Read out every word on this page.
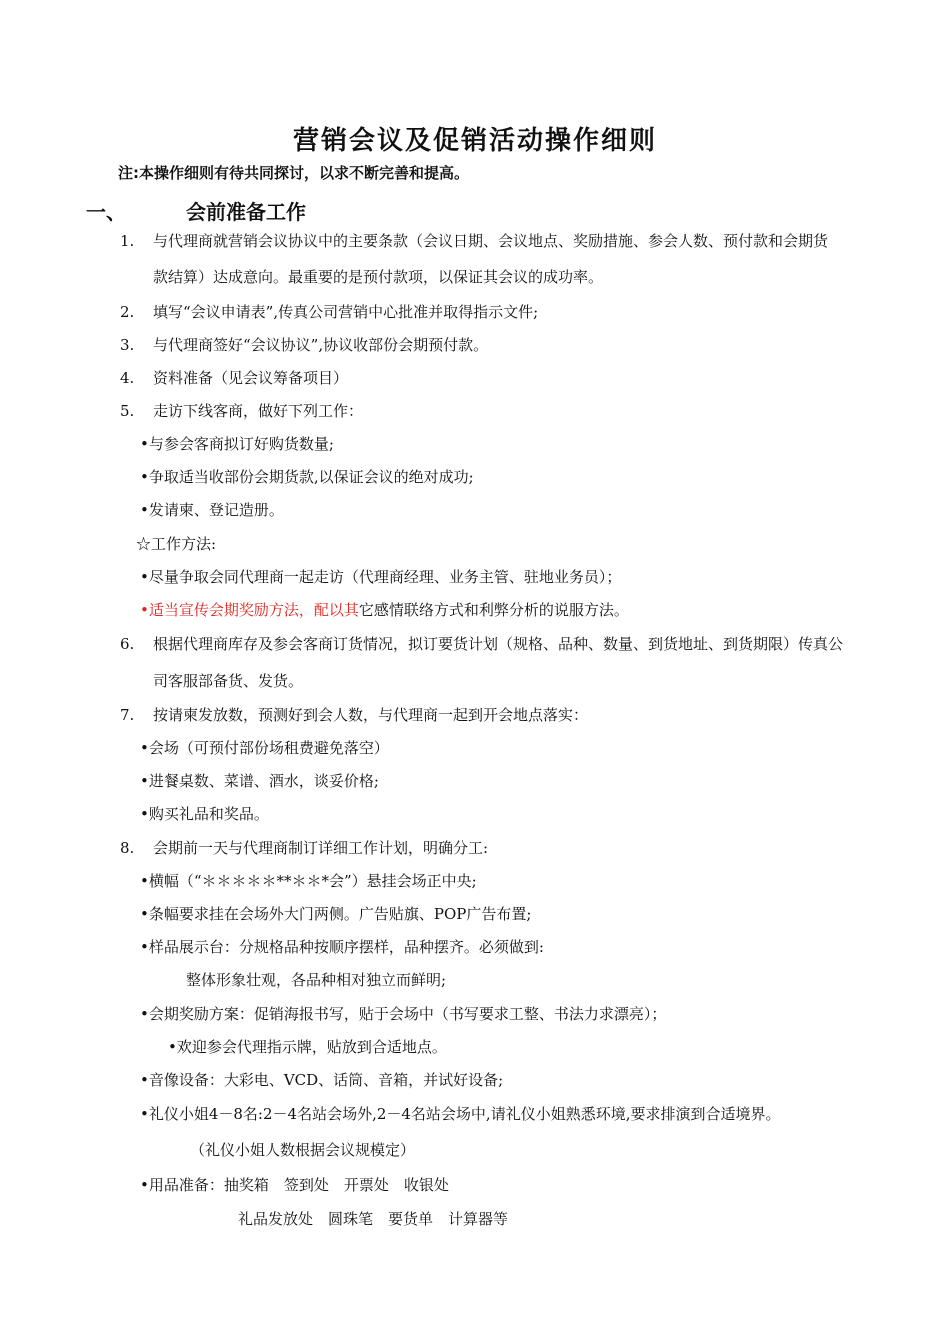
营销会议及促销活动操作细则
注:本操作细则有待共同探讨，以求不断完善和提高。
一、	会前准备工作
1. 与代理商就营销会议协议中的主要条款（会议日期、会议地点、奖励措施、参会人数、预付款和会期货
款结算）达成意向。最重要的是预付款项，以保证其会议的成功率。
2. 填写“会议申请表”,传真公司营销中心批准并取得指示文件;
3. 与代理商签好“会议协议”,协议收部份会期预付款。
4. 资料准备（见会议筹备项目）
5. 走访下线客商，做好下列工作：
•与参会客商拟订好购货数量;
•争取适当收部份会期货款,以保证会议的绝对成功;
•发请柬、登记造册。
☆工作方法:
•尽量争取会同代理商一起走访（代理商经理、业务主管、驻地业务员）；
•适当宣传会期奖励方法，配以其它感情联络方式和利弊分析的说服方法。
6. 根据代理商库存及参会客商订货情况，拟订要货计划（规格、品种、数量、到货地址、到货期限）传真公
司客服部备货、发货。
7. 按请柬发放数，预测好到会人数，与代理商一起到开会地点落实：
•会场（可预付部份场租费避免落空）
•进餐桌数、菜谱、酒水，谈妥价格;
•购买礼品和奖品。
8. 会期前一天与代理商制订详细工作计划，明确分工:
•横幅（“＊＊＊＊＊**＊＊*会”）悬挂会场正中央;
•条幅要求挂在会场外大门两侧。广告贴旗、POP广告布置;
•样品展示台：分规格品种按顺序摆样，品种摆齐。必须做到:
整体形象壮观，各品种相对独立而鲜明;
•会期奖励方案：促销海报书写，贴于会场中（书写要求工整、书法力求漂亮）；
•欢迎参会代理指示牌，贴放到合适地点。
•音像设备：大彩电、VCD、话筒、音箱，并试好设备;
•礼仪小姐4－8名:2－4名站会场外,2－4名站会场中,请礼仪小姐熟悉环境,要求排演到合适境界。
（礼仪小姐人数根据会议规模定）
•用品准备：抽奖箱　签到处　开票处　收银处
礼品发放处　圆珠笔　要货单　计算器等
